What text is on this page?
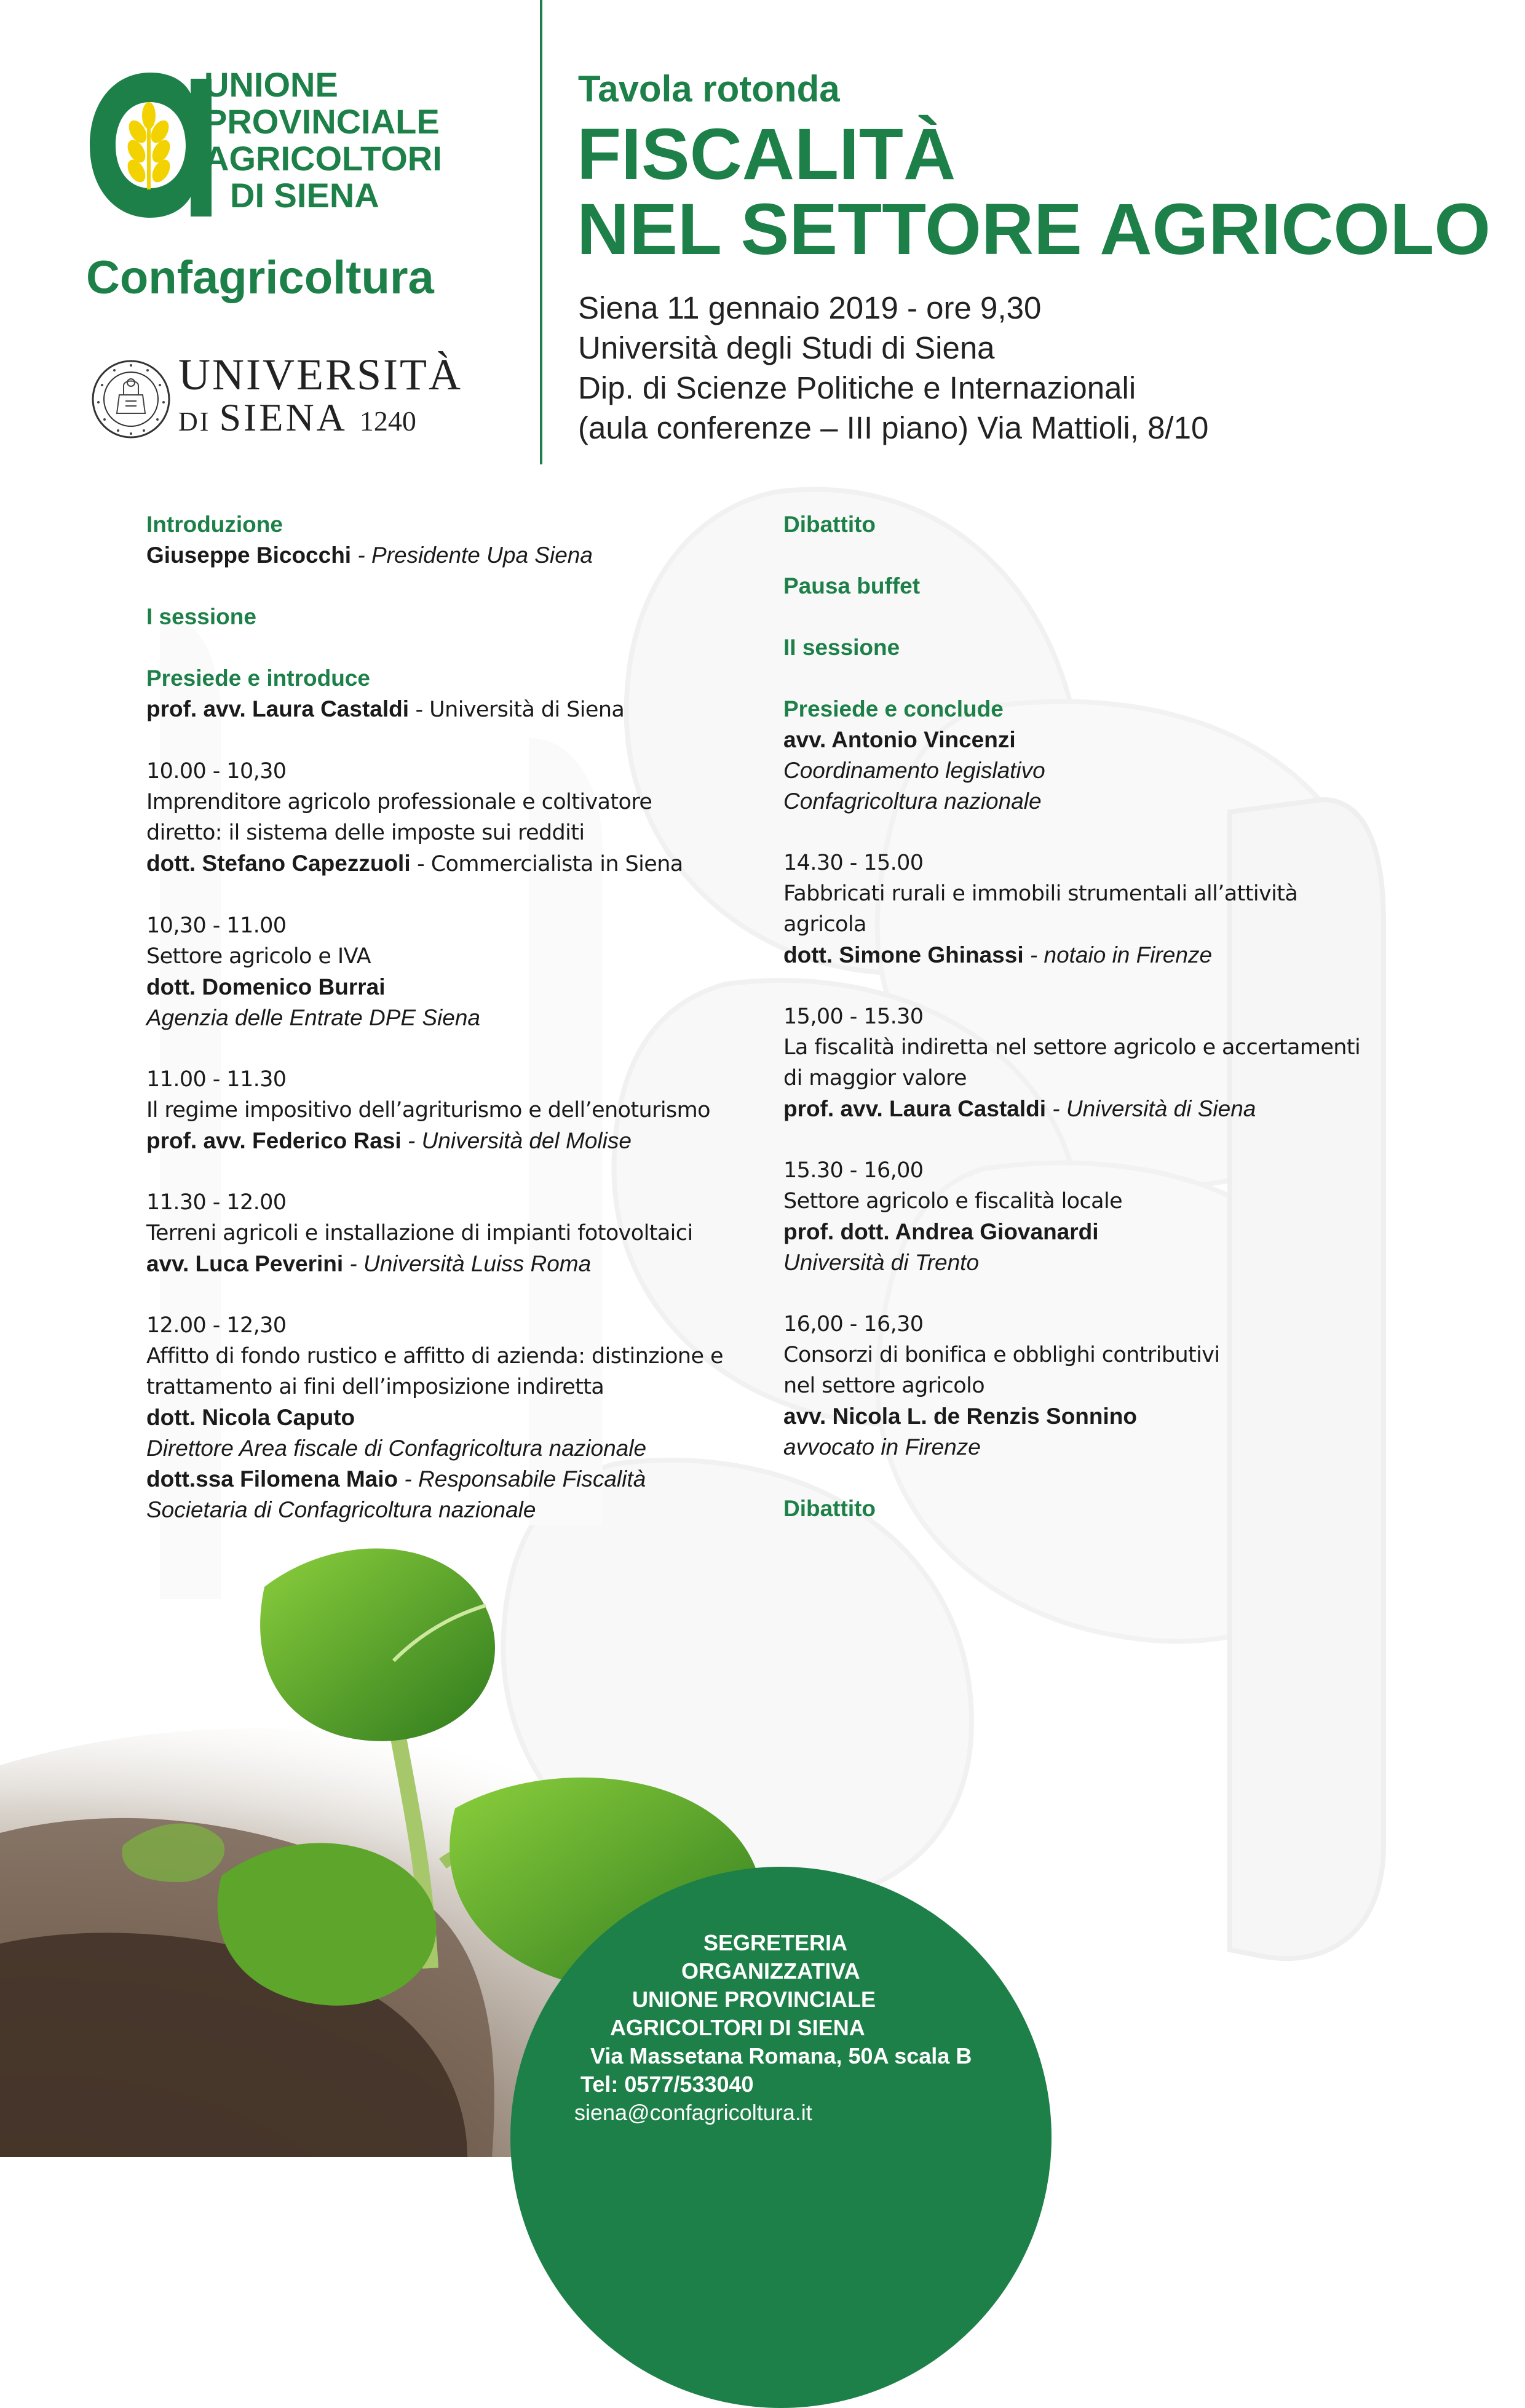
UNIONE
PROVINCIALE
AGRICOLTORI
DI SIENA
Confagricoltura
UNIVERSITÀ
DI SIENA 1240
Tavola rotonda
FISCALITÀ
NEL SETTORE AGRICOLO
Siena 11 gennaio 2019 - ore 9,30
Università degli Studi di Siena
Dip. di Scienze Politiche e Internazionali
(aula conferenze – III piano) Via Mattioli, 8/10
Introduzione
Giuseppe Bicocchi - Presidente Upa Siena
I sessione
Presiede e introduce
prof. avv. Laura Castaldi - Università di Siena
10.00 - 10,30
Imprenditore agricolo professionale e coltivatore
diretto: il sistema delle imposte sui redditi
dott. Stefano Capezzuoli - Commercialista in Siena
10,30 - 11.00
Settore agricolo e IVA
dott. Domenico Burrai
Agenzia delle Entrate DPE Siena
11.00 - 11.30
Il regime impositivo dell’agriturismo e dell’enoturismo
prof. avv. Federico Rasi - Università del Molise
11.30 - 12.00
Terreni agricoli e installazione di impianti fotovoltaici
avv. Luca Peverini - Università Luiss Roma
12.00 - 12,30
Affitto di fondo rustico e affitto di azienda: distinzione e
trattamento ai fini dell’imposizione indiretta
dott. Nicola Caputo
Direttore Area fiscale di Confagricoltura nazionale
dott.ssa Filomena Maio - Responsabile Fiscalità
Societaria di Confagricoltura nazionale
Dibattito
Pausa buffet
II sessione
Presiede e conclude
avv. Antonio Vincenzi
Coordinamento legislativo
Confagricoltura nazionale
14.30 - 15.00
Fabbricati rurali e immobili strumentali all’attività
agricola
dott. Simone Ghinassi - notaio in Firenze
15,00 - 15.30
La fiscalità indiretta nel settore agricolo e accertamenti
di maggior valore
prof. avv. Laura Castaldi - Università di Siena
15.30 - 16,00
Settore agricolo e fiscalità locale
prof. dott. Andrea Giovanardi
Università di Trento
16,00 - 16,30
Consorzi di bonifica e obblighi contributivi
nel settore agricolo
avv. Nicola L. de Renzis Sonnino
avvocato in Firenze
Dibattito
SEGRETERIA
ORGANIZZATIVA
UNIONE PROVINCIALE
AGRICOLTORI DI SIENA
Via Massetana Romana, 50A scala B
Tel: 0577/533040
siena@confagricoltura.it
